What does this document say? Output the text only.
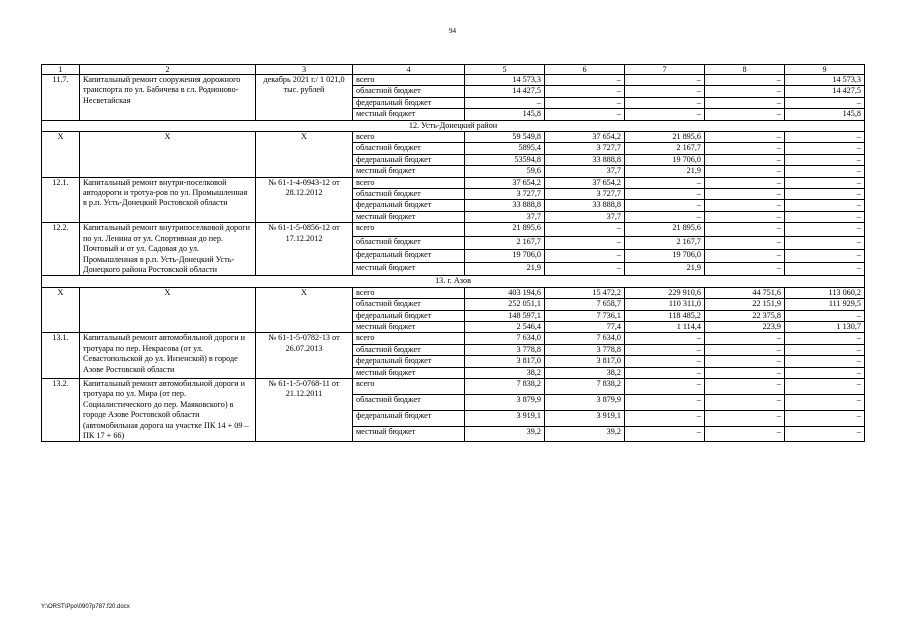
94
1	2	3	4	5	6	7	8	9
11.7.	Капитальный ремонт сооружения дорожного транспорта по ул. Бабичева в сл. Родионово-Несветайская	декабрь 2021 г./ 1 021,0 тыс. рублей	всего	14 573,3	–	–	–	14 573,3
			областной бюджет	14 427,5	–	–	–	14 427,5
			федеральный бюджет	–	–	–	–	–
			местный бюджет	145,8	–	–	–	145,8
12. Усть-Донецкий район								
Х	Х	Х	всего	59 549,8	37 654,2	21 895,6	–	–
			областной бюджет	5895,4	3 727,7	2 167,7	–	–
			федеральный бюджет	53594,8	33 888,8	19 706,0	–	–
			местный бюджет	59,6	37,7	21,9	–	–
12.1.	Капитальный ремонт внутри-поселковой автодороги и тротуа-ров по ул. Промышленная в р.п. Усть-Донецкий Ростовской области	№ 61-1-4-0943-12 от 28.12.2012	всего	37 654,2	37 654,2	–	–	–
			областной бюджет	3 727,7	3 727,7	–	–	–
			федеральный бюджет	33 888,8	33 888,8	–	–	–
			местный бюджет	37,7	37,7	–	–	–
12.2.	Капитальный ремонт внутрипоселковой дороги по ул. Ленина от ул. Спортивная до пер. Почтовый и от ул. Садовая до ул. Промышленная в р.п. Усть-Донецкий Усть-Донецкого района Ростовской области	№ 61-1-5-0856-12 от 17.12.2012	всего	21 895,6	–	21 895,6	–	–
			областной бюджет	2 167,7	–	2 167,7	–	–
			федеральный бюджет	19 706,0	–	19 706,0	–	–
			местный бюджет	21,9	–	21,9	–	–
13. г. Азов								
Х	Х	Х	всего	403 194,6	15 472,2	229 910,6	44 751,6	113 060,2
			областной бюджет	252 051,1	7 658,7	110 311,0	22 151,9	111 929,5
			федеральный бюджет	148 597,1	7 736,1	118 485,2	22 375,8	–
			местный бюджет	2 546,4	77,4	1 114,4	223,9	1 130,7
13.1.	Капитальный ремонт автомобильной дороги и тротуара по пер. Некрасова (от ул. Севастопольской до ул. Инзенской) в городе Азове Ростовской области	№ 61-1-5-0782-13 от 26.07.2013	всего	7 634,0	7 634,0	–	–	–
			областной бюджет	3 778,8	3 778,8	–	–	–
			федеральный бюджет	3 817,0	3 817,0	–	–	–
			местный бюджет	38,2	38,2	–	–	–
13.2.	Капитальный ремонт автомобильной дороги и тротуара по ул. Мира (от пер. Социалистического до пер. Маяковского) в городе Азове Ростовской области (автомобильная дорога на участке ПК 14 + 09 – ПК 17 + 66)	№ 61-1-5-0768-11 от 21.12.2011	всего	7 838,2	7 838,2	–	–	–
			областной бюджет	3 879,9	3 879,9	–	–	–
			федеральный бюджет	3 919,1	3 919,1	–	–	–
			местный бюджет	39,2	39,2	–	–	–
Y:\ORST\Ppo\0907p787.f20.docx
